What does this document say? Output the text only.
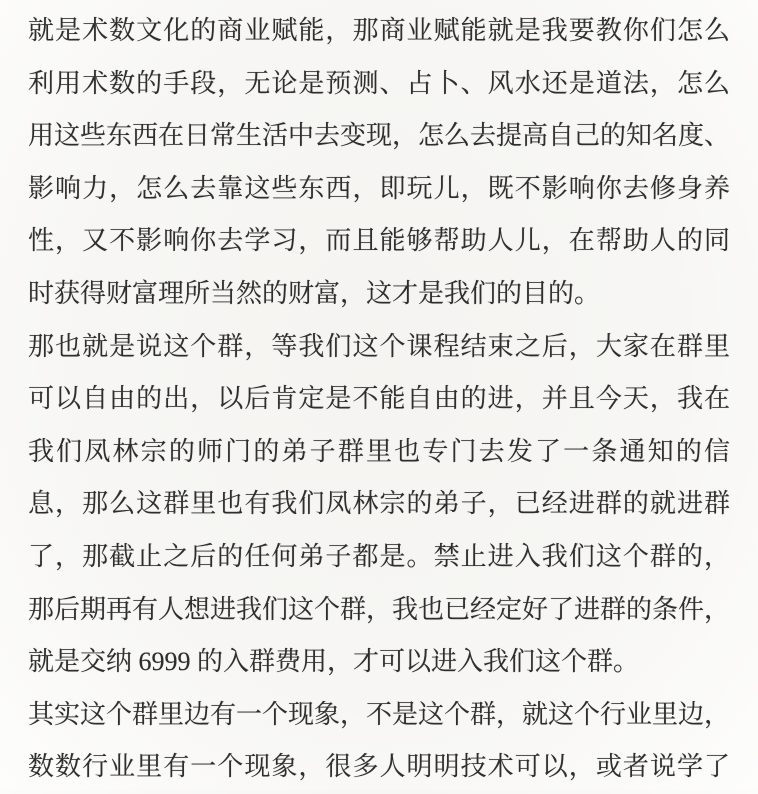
就是术数文化的商业赋能，那商业赋能就是我要教你们怎么
利用术数的手段，无论是预测、占卜、风水还是道法，怎么
用这些东西在日常生活中去变现，怎么去提高自己的知名度、
影响力，怎么去靠这些东西，即玩儿，既不影响你去修身养
性，又不影响你去学习，而且能够帮助人儿，在帮助人的同
时获得财富理所当然的财富，这才是我们的目的。
那也就是说这个群，等我们这个课程结束之后，大家在群里
可以自由的出，以后肯定是不能自由的进，并且今天，我在
我们凤林宗的师门的弟子群里也专门去发了一条通知的信
息，那么这群里也有我们凤林宗的弟子，已经进群的就进群
了，那截止之后的任何弟子都是。禁止进入我们这个群的，
那后期再有人想进我们这个群，我也已经定好了进群的条件，
就是交纳 6999 的入群费用，才可以进入我们这个群。
其实这个群里边有一个现象，不是这个群，就这个行业里边，
数数行业里有一个现象，很多人明明技术可以，或者说学了
